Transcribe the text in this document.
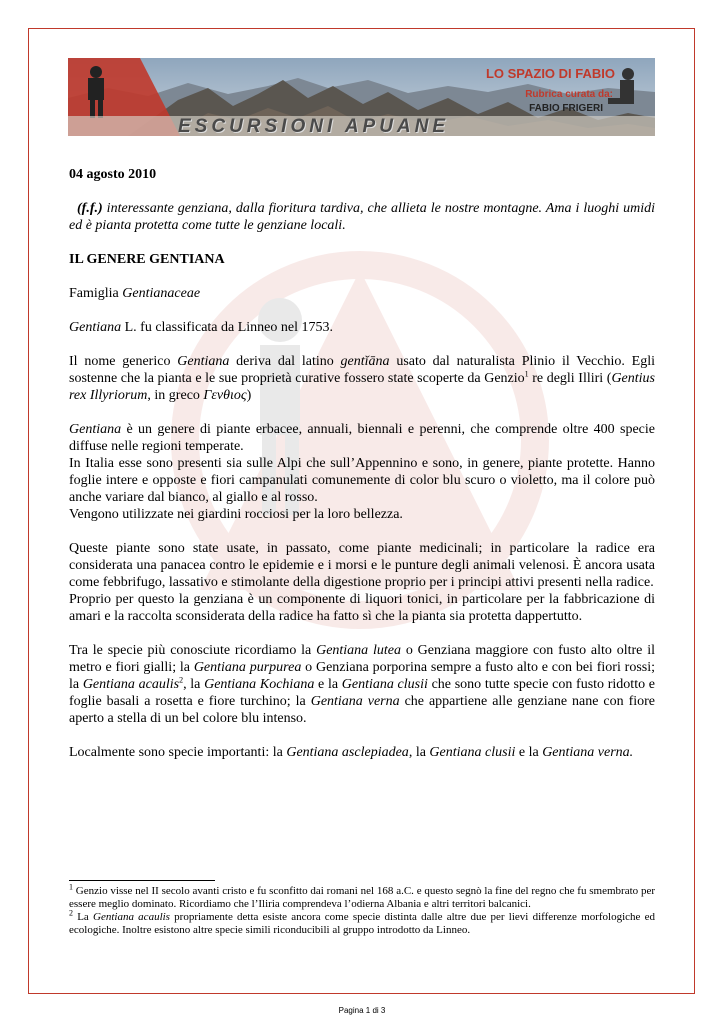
LO SPAZIO DI FABIO
Rubrica curata da:
FABIO FRIGERI
ESCURSIONI APUANE

04 agosto 2010

(f.f.) interessante genziana, dalla fioritura tardiva, che allieta le nostre montagne. Ama i luoghi umidi ed è pianta protetta come tutte le genziane locali.

IL GENERE GENTIANA

Famiglia Gentianaceae

Gentiana L. fu classificata da Linneo nel 1753.

Il nome generico Gentiana deriva dal latino gentĭāna usato dal naturalista Plinio il Vecchio. Egli sostenne che la pianta e le sue proprietà curative fossero state scoperte da Genzio$^1$ re degli Illiri (Gentius rex Illyriorum, in greco Γενθιος)

Gentiana è un genere di piante erbacee, annuali, biennali e perenni, che comprende oltre 400 specie diffuse nelle regioni temperate.

In Italia esse sono presenti sia sulle Alpi che sull’Appennino e sono, in genere, piante protette. Hanno foglie intere e opposte e fiori campanulati comunemente di color blu scuro o violetto, ma il colore può anche variare dal bianco, al giallo e al rosso.

Vengono utilizzate nei giardini rocciosi per la loro bellezza.

Queste piante sono state usate, in passato, come piante medicinali; in particolare la radice era considerata una panacea contro le epidemie e i morsi e le punture degli animali velenosi. È ancora usata come febbrifugo, lassativo e stimolante della digestione proprio per i principi attivi presenti nella radice.

Proprio per questo la genziana è un componente di liquori tonici, in particolare per la fabbricazione di amari e la raccolta sconsiderata della radice ha fatto sì che la pianta sia protetta dappertutto.

Tra le specie più conosciute ricordiamo la Gentiana lutea o Genziana maggiore con fusto alto oltre il metro e fiori gialli; la Gentiana purpurea o Genziana porporina sempre a fusto alto e con bei fiori rossi; la Gentiana acaulis$^2$, la Gentiana Kochiana e la Gentiana clusii che sono tutte specie con fusto ridotto e foglie basali a rosetta e fiore turchino; la Gentiana verna che appartiene alle genziane nane con fiore aperto a stella di un bel colore blu intenso.

Localmente sono specie importanti: la Gentiana asclepiadea, la Gentiana clusii e la Gentiana verna.

$^1$ Genzio visse nel II secolo avanti cristo e fu sconfitto dai romani nel 168 a.C. e questo segnò la fine del regno che fu smembrato per essere meglio dominato. Ricordiamo che l’Iliria comprendeva l’odierna Albania e altri territori balcanici.

$^2$ La Gentiana acaulis propriamente detta esiste ancora come specie distinta dalle altre due per lievi differenze morfologiche ed ecologiche. Inoltre esistono altre specie simili riconducibili al gruppo introdotto da Linneo.

Pagina 1 di 3
